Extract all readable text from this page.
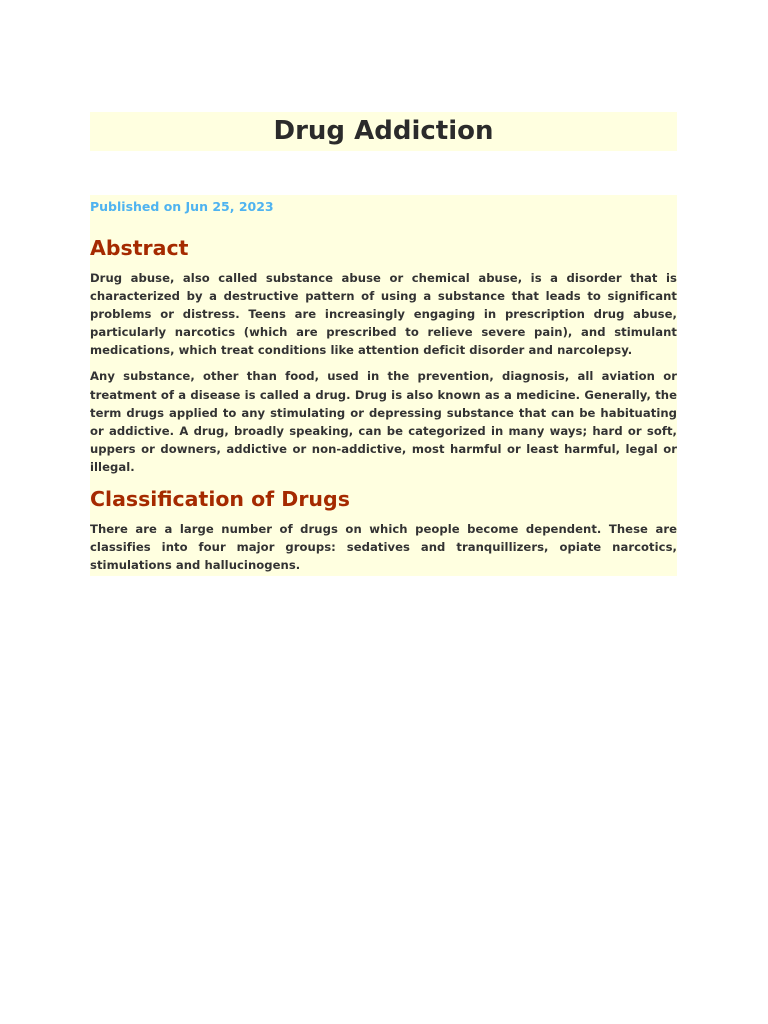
Drug Addiction

Published on Jun 25, 2023

Abstract

Drug abuse, also called substance abuse or chemical abuse, is a disorder that is characterized by a destructive pattern of using a substance that leads to significant problems or distress. Teens are increasingly engaging in prescription drug abuse, particularly narcotics (which are prescribed to relieve severe pain), and stimulant medications, which treat conditions like attention deficit disorder and narcolepsy.

Any substance, other than food, used in the prevention, diagnosis, all aviation or treatment of a disease is called a drug. Drug is also known as a medicine. Generally, the term drugs applied to any stimulating or depressing substance that can be habituating or addictive. A drug, broadly speaking, can be categorized in many ways; hard or soft, uppers or downers, addictive or non-addictive, most harmful or least harmful, legal or illegal.

Classification of Drugs

There are a large number of drugs on which people become dependent. These are classifies into four major groups: sedatives and tranquillizers, opiate narcotics, stimulations and hallucinogens.
